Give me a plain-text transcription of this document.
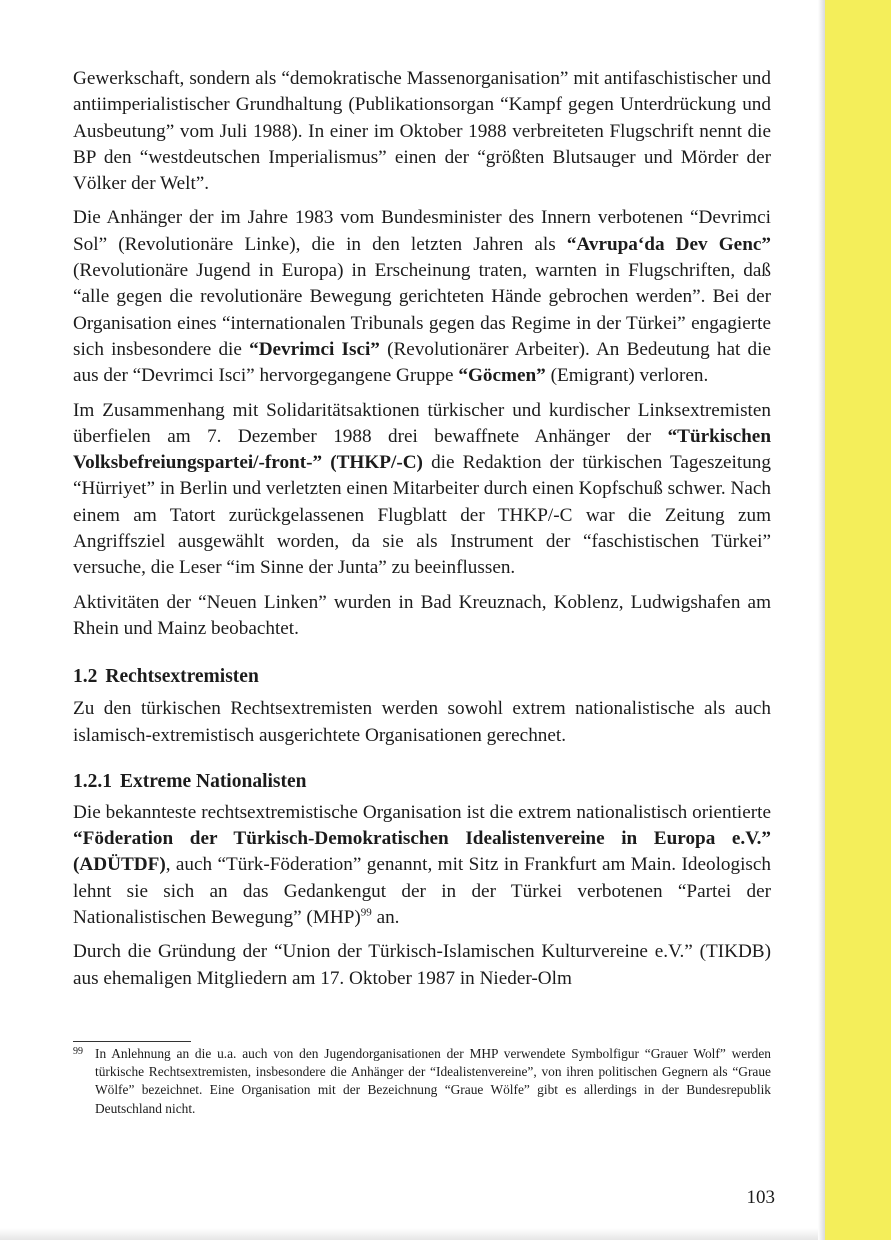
Gewerkschaft, sondern als “demokratische Massenorganisation” mit antifaschistischer und antiimperialistischer Grundhaltung (Publikationsorgan “Kampf gegen Unterdrückung und Ausbeutung” vom Juli 1988). In einer im Oktober 1988 verbreiteten Flugschrift nennt die BP den “westdeutschen Imperialismus” einen der “größten Blutsauger und Mörder der Völker der Welt”.

Die Anhänger der im Jahre 1983 vom Bundesminister des Innern verbotenen “Devrimci Sol” (Revolutionäre Linke), die in den letzten Jahren als “Avrupa‘da Dev Genc” (Revolutionäre Jugend in Europa) in Erscheinung traten, warnten in Flugschriften, daß “alle gegen die revolutionäre Bewegung gerichteten Hände gebrochen werden”. Bei der Organisation eines “internationalen Tribunals gegen das Regime in der Türkei” engagierte sich insbesondere die “Devrimci Isci” (Revolutionärer Arbeiter). An Bedeutung hat die aus der “Devrimci Isci” hervorgegangene Gruppe “Göcmen” (Emigrant) verloren.

Im Zusammenhang mit Solidaritätsaktionen türkischer und kurdischer Linksextremisten überfielen am 7. Dezember 1988 drei bewaffnete Anhänger der “Türkischen Volksbefreiungspartei/-front-” (THKP/-C) die Redaktion der türkischen Tageszeitung “Hürriyet” in Berlin und verletzten einen Mitarbeiter durch einen Kopfschuß schwer. Nach einem am Tatort zurückgelassenen Flugblatt der THKP/-C war die Zeitung zum Angriffsziel ausgewählt worden, da sie als Instrument der “faschistischen Türkei” versuche, die Leser “im Sinne der Junta” zu beeinflussen.

Aktivitäten der “Neuen Linken” wurden in Bad Kreuznach, Koblenz, Ludwigshafen am Rhein und Mainz beobachtet.

1.2 Rechtsextremisten

Zu den türkischen Rechtsextremisten werden sowohl extrem nationalistische als auch islamisch-extremistisch ausgerichtete Organisationen gerechnet.

1.2.1 Extreme Nationalisten

Die bekannteste rechtsextremistische Organisation ist die extrem nationalistisch orientierte “Föderation der Türkisch-Demokratischen Idealistenvereine in Europa e.V.” (ADÜTDF), auch “Türk-Föderation” genannt, mit Sitz in Frankfurt am Main. Ideologisch lehnt sie sich an das Gedankengut der in der Türkei verbotenen “Partei der Nationalistischen Bewegung” (MHP)$^{99}$ an.

Durch die Gründung der “Union der Türkisch-Islamischen Kulturvereine e.V.” (TIKDB) aus ehemaligen Mitgliedern am 17. Oktober 1987 in Nieder-Olm

99 In Anlehnung an die u.a. auch von den Jugendorganisationen der MHP verwendete Symbolfigur “Grauer Wolf” werden türkische Rechtsextremisten, insbesondere die Anhänger der “Idealistenvereine”, von ihren politischen Gegnern als “Graue Wölfe” bezeichnet. Eine Organisation mit der Bezeichnung “Graue Wölfe” gibt es allerdings in der Bundesrepublik Deutschland nicht.
103
